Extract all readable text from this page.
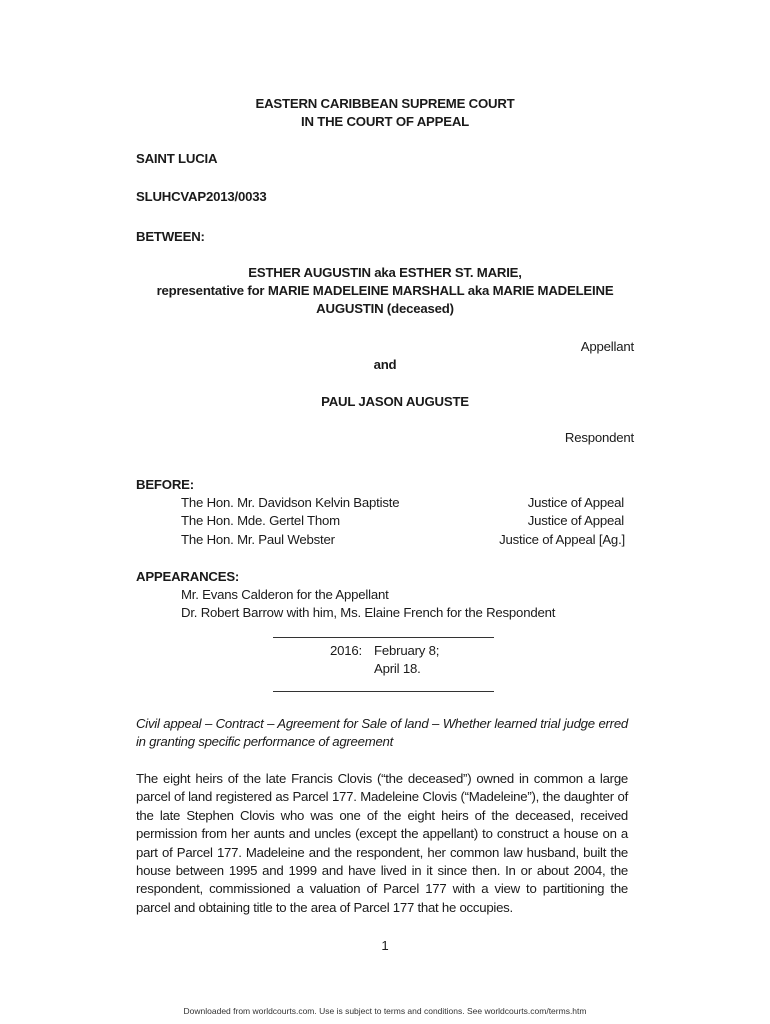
EASTERN CARIBBEAN SUPREME COURT
IN THE COURT OF APPEAL
SAINT LUCIA
SLUHCVAP2013/0033
BETWEEN:
ESTHER AUGUSTIN aka ESTHER ST. MARIE,
representative for MARIE MADELEINE MARSHALL aka MARIE MADELEINE
AUGUSTIN (deceased)
Appellant
and
PAUL JASON AUGUSTE
Respondent
BEFORE:
The Hon. Mr. Davidson Kelvin Baptiste	Justice of Appeal
The Hon. Mde. Gertel Thom	Justice of Appeal
The Hon. Mr. Paul Webster	Justice of Appeal [Ag.]
APPEARANCES:
Mr. Evans Calderon for the Appellant
Dr. Robert Barrow with him, Ms. Elaine French for the Respondent
2016: February 8;
April 18.
Civil appeal – Contract – Agreement for Sale of land – Whether learned trial judge erred in granting specific performance of agreement
The eight heirs of the late Francis Clovis (“the deceased”) owned in common a large parcel of land registered as Parcel 177. Madeleine Clovis (“Madeleine”), the daughter of the late Stephen Clovis who was one of the eight heirs of the deceased, received permission from her aunts and uncles (except the appellant) to construct a house on a part of Parcel 177. Madeleine and the respondent, her common law husband, built the house between 1995 and 1999 and have lived in it since then. In or about 2004, the respondent, commissioned a valuation of Parcel 177 with a view to partitioning the parcel and obtaining title to the area of Parcel 177 that he occupies.
1
Downloaded from worldcourts.com. Use is subject to terms and conditions. See worldcourts.com/terms.htm
